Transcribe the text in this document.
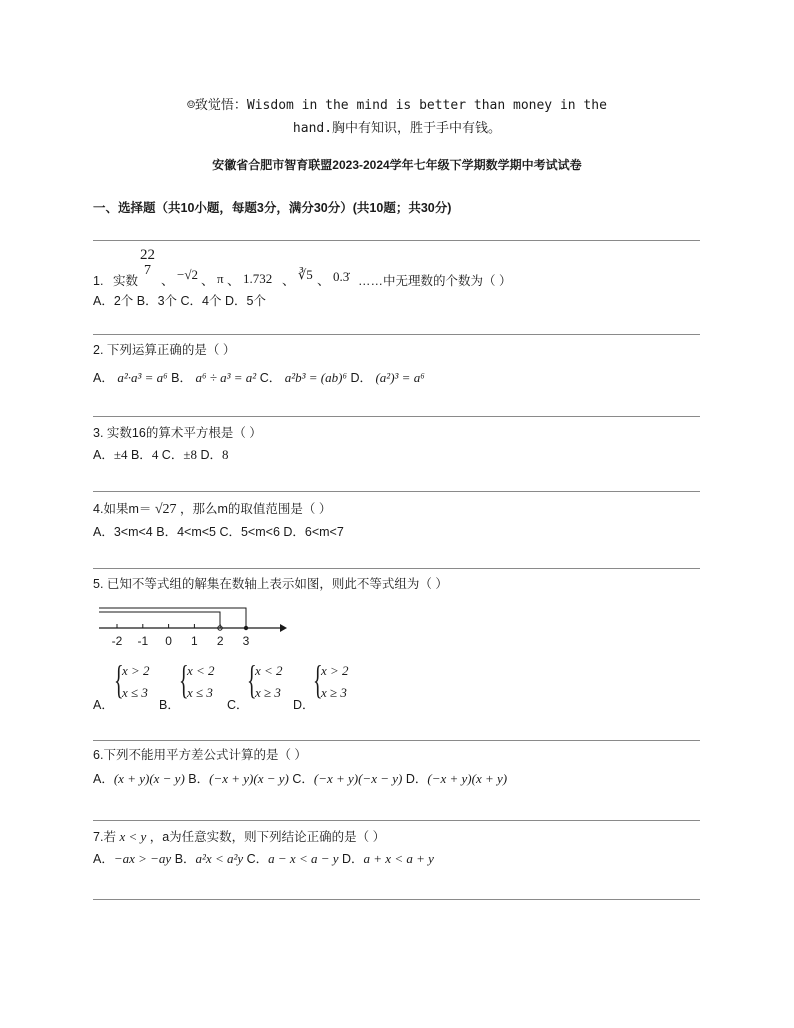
☺致觉悟：Wisdom in the mind is better than money in the
hand.胸中有知识，胜于手中有钱。
安徽省合肥市智育联盟2023-2024学年七年级下学期数学期中考试试卷
一、选择题（共10小题，每题3分，满分30分）(共10题；共30分)
1. 实数
22
7
、 −√2 、 π 、 1.732 、 ∛5 、 0.3̇ ……中无理数的个数为（ ）
A．2个 B．3个 C．4个 D．5个
2. 下列运算正确的是（ ）
A． a²·a³ = a⁶ B． a⁶ ÷ a³ = a² C． a²b³ = (ab)⁶ D． (a²)³ = a⁶
3. 实数16的算术平方根是（ ）
A．±4 B．4 C．±8 D．8
4.如果m＝ √27 ，那么m的取值范围是（ ）
A．3<m<4 B．4<m<5 C．5<m<6 D．6<m<7
5. 已知不等式组的解集在数轴上表示如图，则此不等式组为（ ）
-2 -1 0 1 2 3
A．
{
x > 2
x ≤ 3
B．
{
x < 2
x ≤ 3
C．
{
x < 2
x ≥ 3
D．
{
x > 2
x ≥ 3
6.下列不能用平方差公式计算的是（ ）
A．(x + y)(x − y) B．(−x + y)(x − y) C．(−x + y)(−x − y) D．(−x + y)(x + y)
7.若 x < y ，a为任意实数，则下列结论正确的是（ ）
A．−ax > −ay B．a²x < a²y C．a − x < a − y D．a + x < a + y
